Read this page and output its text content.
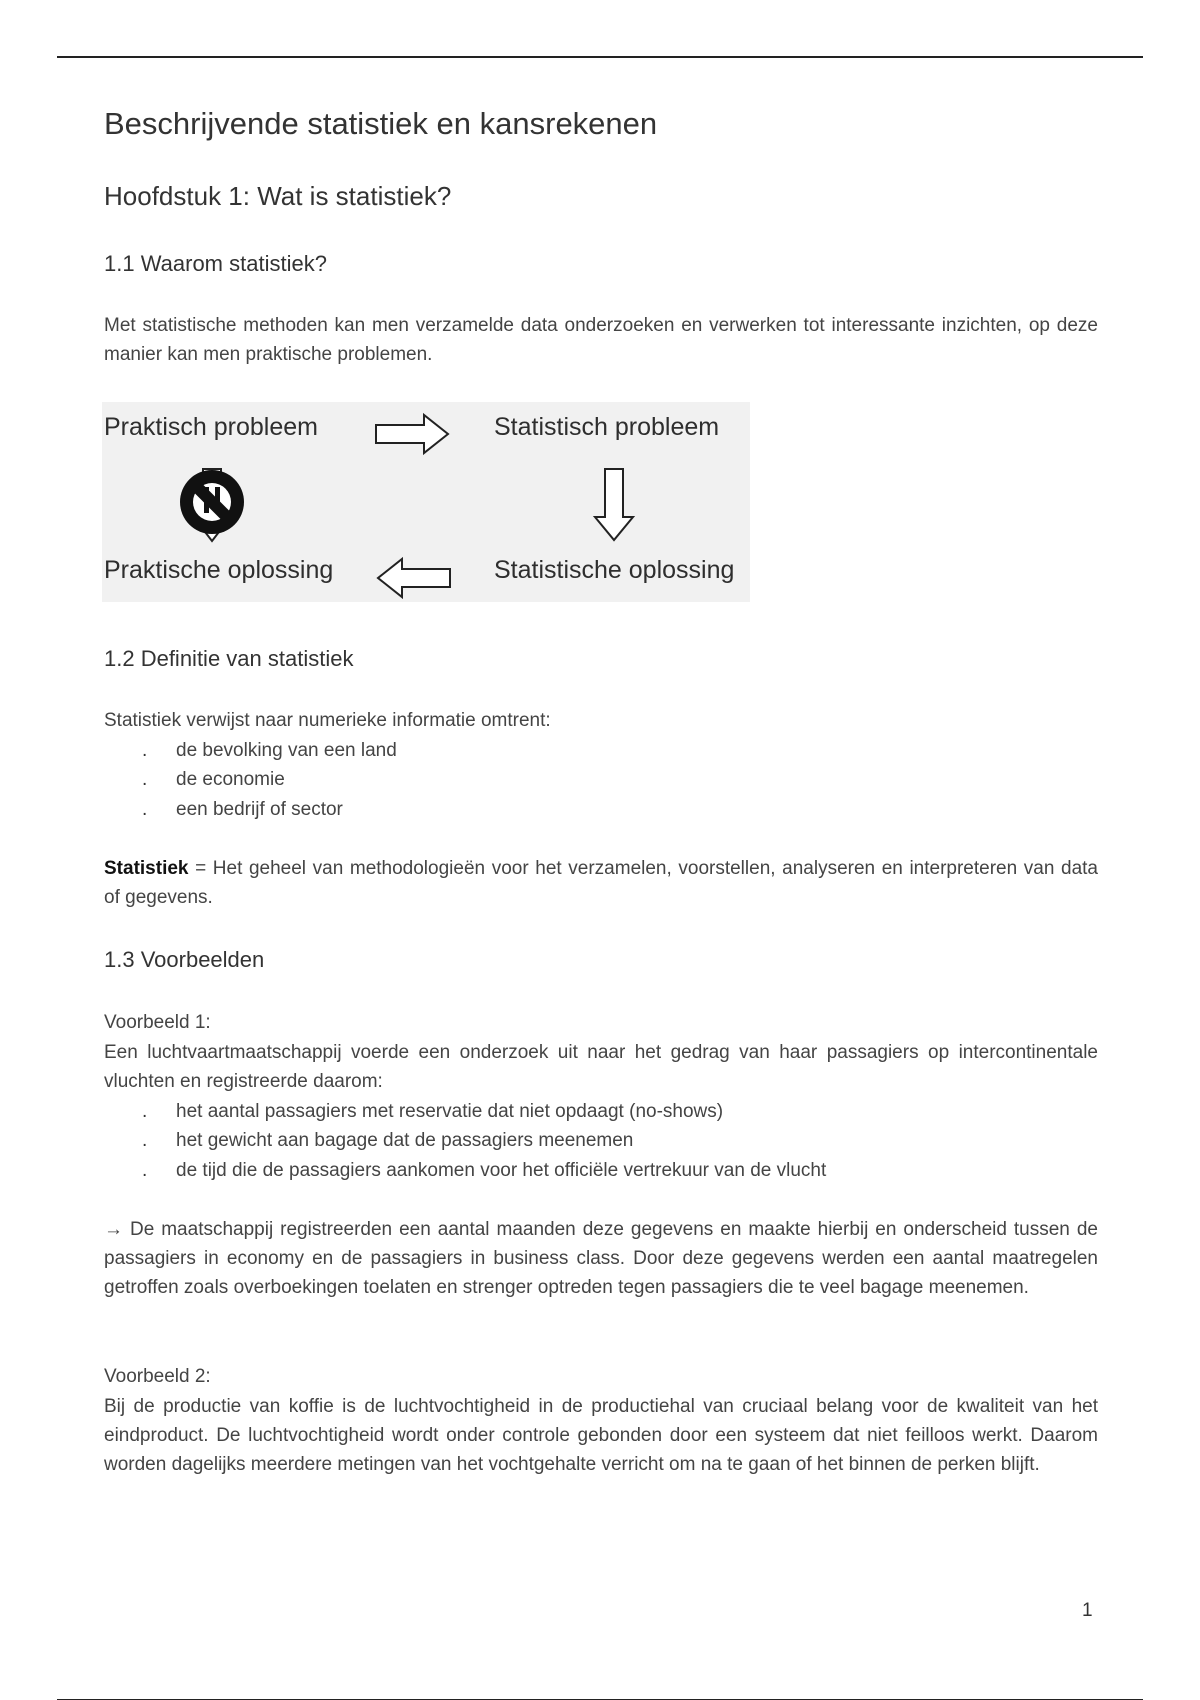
Beschrijvende statistiek en kansrekenen
Hoofdstuk 1: Wat is statistiek?
1.1 Waarom statistiek?
Met statistische methoden kan men verzamelde data onderzoeken en verwerken tot interessante inzichten, op deze manier kan men praktische problemen.
Praktisch probleem	Statistisch probleem
Praktische oplossing	Statistische oplossing
1.2 Definitie van statistiek
Statistiek verwijst naar numerieke informatie omtrent:
. de bevolking van een land
. de economie
. een bedrijf of sector
Statistiek = Het geheel van methodologieën voor het verzamelen, voorstellen, analyseren en interpreteren van data of gegevens.
1.3 Voorbeelden
Voorbeeld 1:
Een luchtvaartmaatschappij voerde een onderzoek uit naar het gedrag van haar passagiers op intercontinentale vluchten en registreerde daarom:
. het aantal passagiers met reservatie dat niet opdaagt (no-shows)
. het gewicht aan bagage dat de passagiers meenemen
. de tijd die de passagiers aankomen voor het officiële vertrekuur van de vlucht
→ De maatschappij registreerden een aantal maanden deze gegevens en maakte hierbij en onderscheid tussen de passagiers in economy en de passagiers in business class. Door deze gegevens werden een aantal maatregelen getroffen zoals overboekingen toelaten en strenger optreden tegen passagiers die te veel bagage meenemen.
Voorbeeld 2:
Bij de productie van koffie is de luchtvochtigheid in de productiehal van cruciaal belang voor de kwaliteit van het eindproduct. De luchtvochtigheid wordt onder controle gebonden door een systeem dat niet feilloos werkt. Daarom worden dagelijks meerdere metingen van het vochtgehalte verricht om na te gaan of het binnen de perken blijft.
1
